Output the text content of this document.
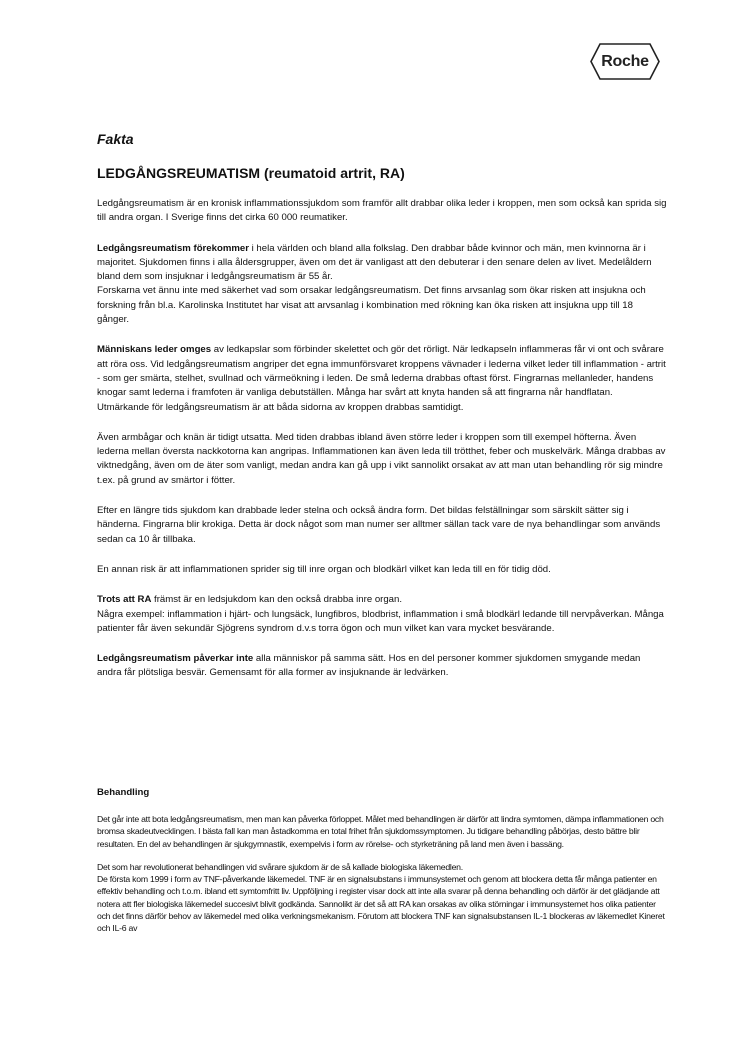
Roche
Fakta
LEDGÅNGSREUMATISM (reumatoid artrit, RA)

Ledgångsreumatism är en kronisk inflammationssjukdom som framför allt drabbar olika leder i kroppen, men som också kan sprida sig till andra organ. I Sverige finns det cirka 60 000 reumatiker.

Ledgångsreumatism förekommer i hela världen och bland alla folkslag. Den drabbar både kvinnor och män, men kvinnorna är i majoritet. Sjukdomen finns i alla åldersgrupper, även om det är vanligast att den debuterar i den senare delen av livet. Medelåldern bland dem som insjuknar i ledgångsreumatism är 55 år.
Forskarna vet ännu inte med säkerhet vad som orsakar ledgångsreumatism. Det finns arvsanlag som ökar risken att insjukna och forskning från bl.a. Karolinska Institutet har visat att arvsanlag i kombination med rökning kan öka risken att insjukna upp till 18 gånger.

Människans leder omges av ledkapslar som förbinder skelettet och gör det rörligt. När ledkapseln inflammeras får vi ont och svårare att röra oss. Vid ledgångsreumatism angriper det egna immunförsvaret kroppens vävnader i lederna vilket leder till inflammation - artrit - som ger smärta, stelhet, svullnad och värmeökning i leden. De små lederna drabbas oftast först. Fingrarnas mellanleder, handens knogar samt lederna i framfoten är vanliga debutställen. Många har svårt att knyta handen så att fingrarna når handflatan. Utmärkande för ledgångsreumatism är att båda sidorna av kroppen drabbas samtidigt.

Även armbågar och knän är tidigt utsatta. Med tiden drabbas ibland även större leder i kroppen som till exempel höfterna. Även lederna mellan översta nackkotorna kan angripas. Inflammationen kan även leda till trötthet, feber och muskelvärk. Många drabbas av viktnedgång, även om de äter som vanligt, medan andra kan gå upp i vikt sannolikt orsakat av att man utan behandling rör sig mindre t.ex. på grund av smärtor i fötter.

Efter en längre tids sjukdom kan drabbade leder stelna och också ändra form. Det bildas felställningar som särskilt sätter sig i händerna. Fingrarna blir krokiga. Detta är dock något som man numer ser alltmer sällan tack vare de nya behandlingar som används sedan ca 10 år tillbaka.

En annan risk är att inflammationen sprider sig till inre organ och blodkärl vilket kan leda till en för tidig död.

Trots att RA främst är en ledsjukdom kan den också drabba inre organ.
Några exempel: inflammation i hjärt- och lungsäck, lungfibros, blodbrist, inflammation i små blodkärl ledande till nervpåverkan. Många patienter får även sekundär Sjögrens syndrom d.v.s torra ögon och mun vilket kan vara mycket besvärande.

Ledgångsreumatism påverkar inte alla människor på samma sätt. Hos en del personer kommer sjukdomen smygande medan andra får plötsliga besvär. Gemensamt för alla former av insjuknande är ledvärken.

Behandling

Det går inte att bota ledgångsreumatism, men man kan påverka förloppet. Målet med behandlingen är därför att lindra symtomen, dämpa inflammationen och bromsa skadeutvecklingen. I bästa fall kan man åstadkomma en total frihet från sjukdomssymptomen. Ju tidigare behandling påbörjas, desto bättre blir resultaten. En del av behandlingen är sjukgymnastik, exempelvis i form av rörelse- och styrketräning på land men även i bassäng.

Det som har revolutionerat behandlingen vid svårare sjukdom är de så kallade biologiska läkemedlen.
De första kom 1999 i form av TNF-påverkande läkemedel. TNF är en signalsubstans i immunsystemet och genom att blockera detta får många patienter en effektiv behandling och t.o.m. ibland ett symtomfritt liv. Uppföljning i register visar dock att inte alla svarar på denna behandling och därför är det glädjande att notera att fler biologiska läkemedel succesivt blivit godkända. Sannolikt är det så att RA kan orsakas av olika störningar i immunsystemet hos olika patienter och det finns därför behov av läkemedel med olika verkningsmekanism. Förutom att blockera TNF kan signalsubstansen IL-1 blockeras av läkemedlet Kineret och IL-6 av
